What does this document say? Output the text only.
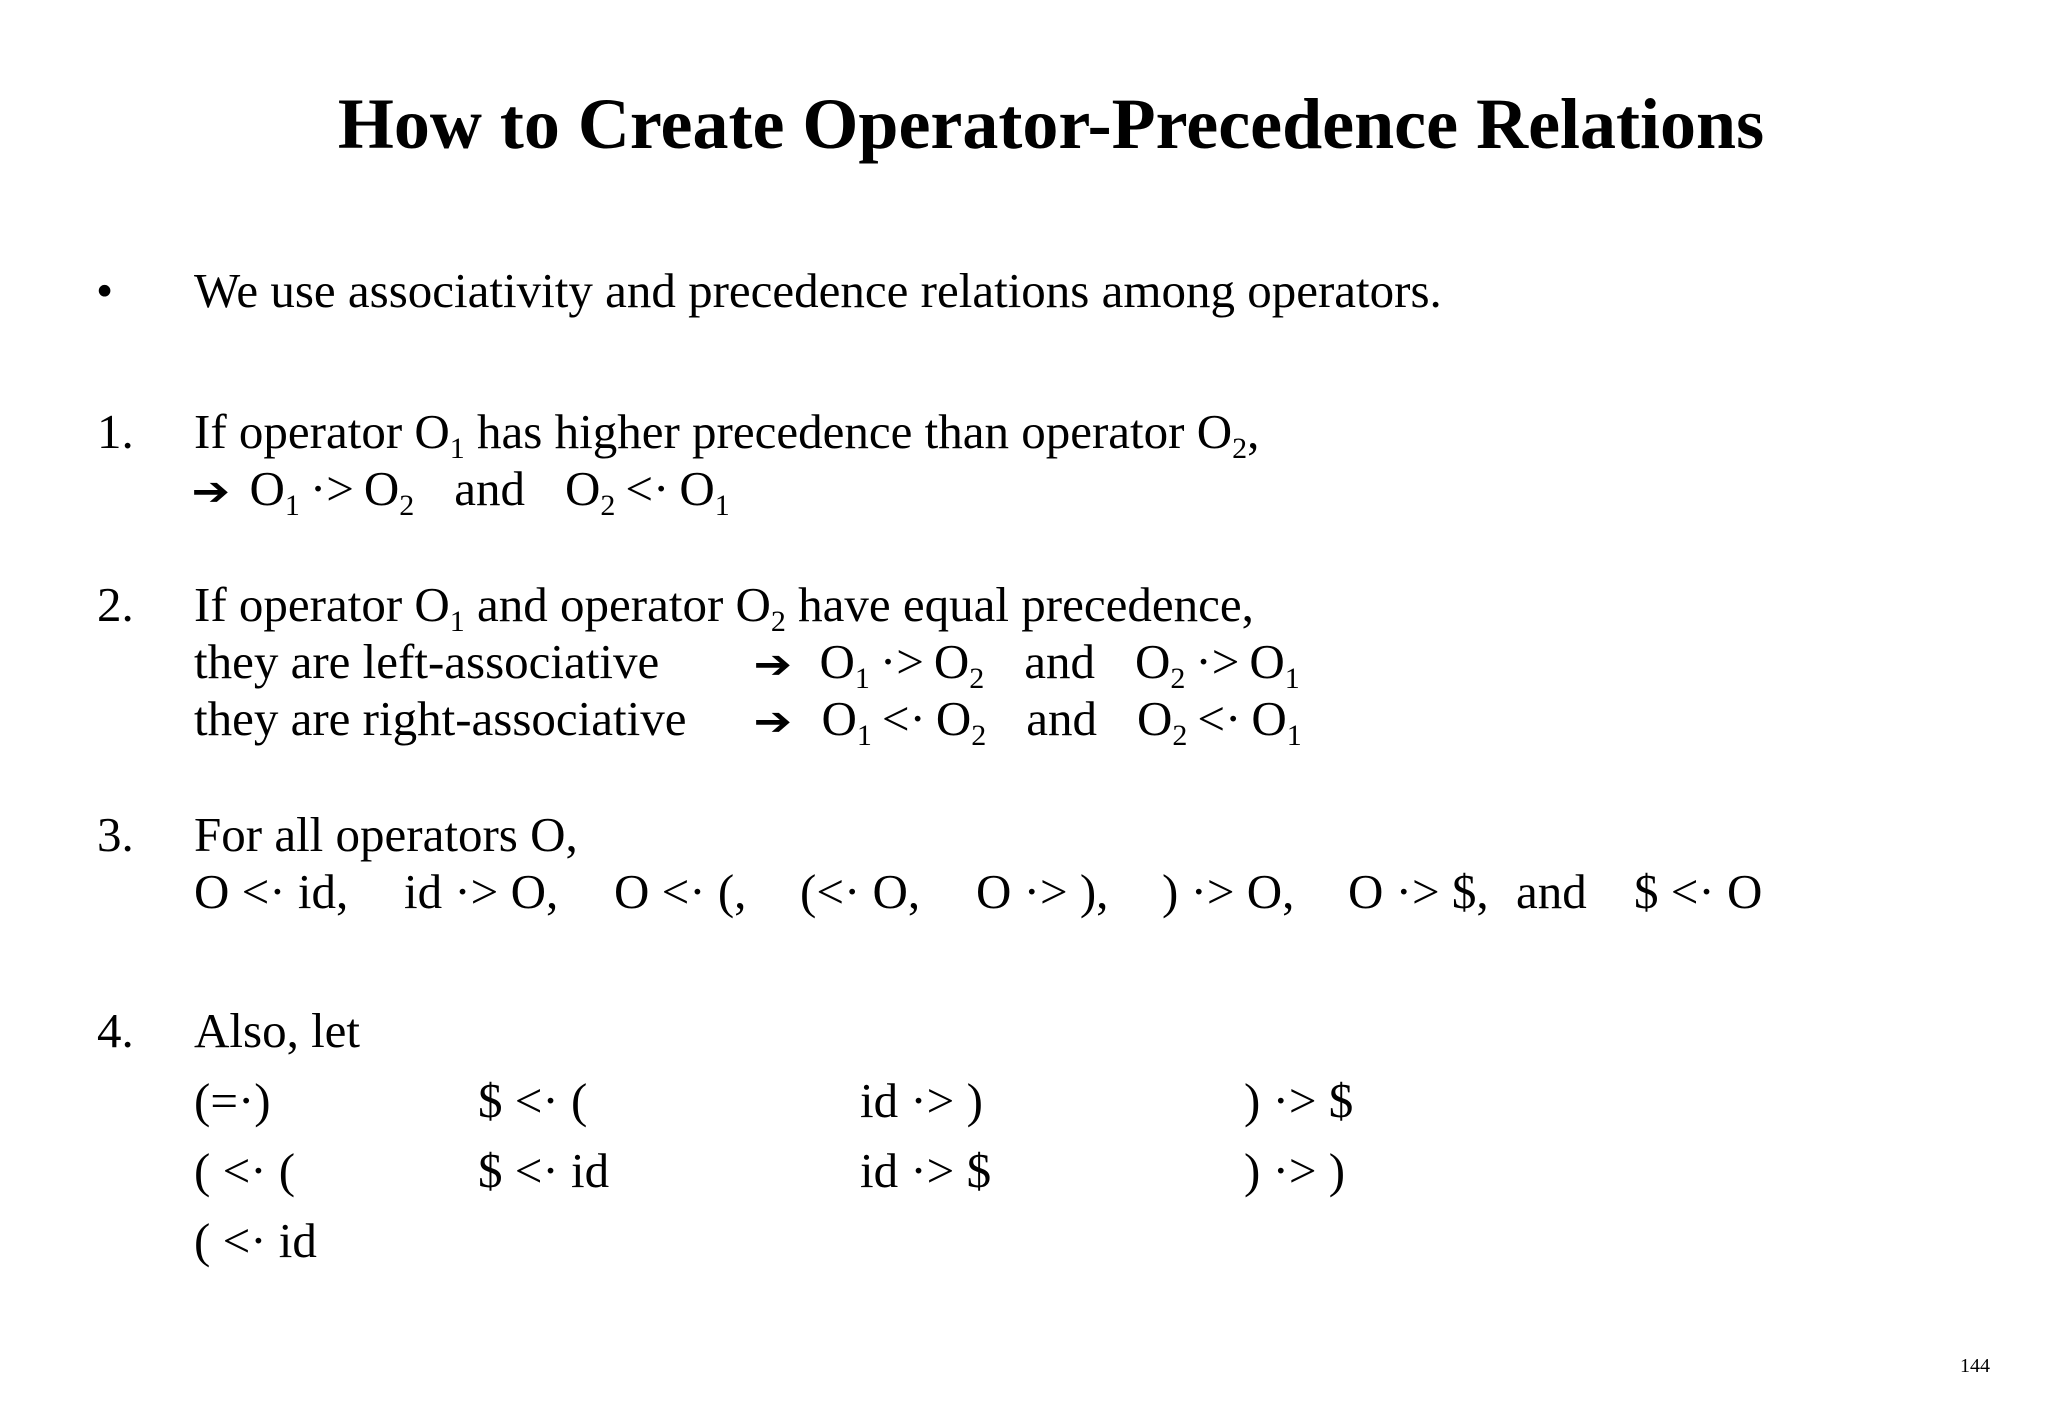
How to Create Operator-Precedence Relations
• We use associativity and precedence relations among operators.
1. If operator $O_1$ has higher precedence than operator $O_2$,
➔ $O_1 \cdot> O_2$ and $O_2 <\cdot O_1$
2. If operator $O_1$ and operator $O_2$ have equal precedence,
they are left-associative ➔ $O_1 \cdot> O_2$ and $O_2 \cdot> O_1$
they are right-associative ➔ $O_1 <\cdot O_2$ and $O_2 <\cdot O_1$
3. For all operators O,
O <· id, id ·> O, O <· (, (<· O, O ·> ), ) ·> O, O ·> $, and $ <· O
4. Also, let
(=·)	$ <· (	id ·> )	) ·> $
( <· (	$ <· id	id ·> $	) ·> )
( <· id
144
